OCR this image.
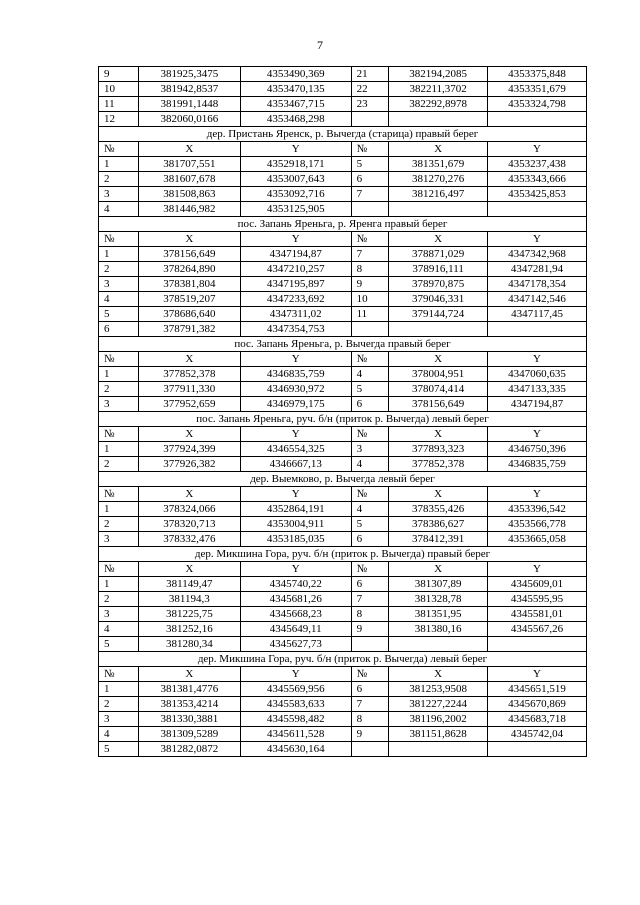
7
9	381925,3475	4353490,369	21	382194,2085	4353375,848
10	381942,8537	4353470,135	22	382211,3702	4353351,679
11	381991,1448	4353467,715	23	382292,8978	4353324,798
12	382060,0166	4353468,298			
дер. Пристань Яренск, р. Вычегда (старица) правый берег					
№	X	Y	№	X	Y
1	381707,551	4352918,171	5	381351,679	4353237,438
2	381607,678	4353007,643	6	381270,276	4353343,666
3	381508,863	4353092,716	7	381216,497	4353425,853
4	381446,982	4353125,905			
пос. Запань Яреньга, р. Яренга правый берег					
№	X	Y	№	X	Y
1	378156,649	4347194,87	7	378871,029	4347342,968
2	378264,890	4347210,257	8	378916,111	4347281,94
3	378381,804	4347195,897	9	378970,875	4347178,354
4	378519,207	4347233,692	10	379046,331	4347142,546
5	378686,640	4347311,02	11	379144,724	4347117,45
6	378791,382	4347354,753			
пос. Запань Яреньга, р. Вычегда правый берег					
№	X	Y	№	X	Y
1	377852,378	4346835,759	4	378004,951	4347060,635
2	377911,330	4346930,972	5	378074,414	4347133,335
3	377952,659	4346979,175	6	378156,649	4347194,87
пос. Запань Яреньга, руч. б/н (приток р. Вычегда) левый берег					
№	X	Y	№	X	Y
1	377924,399	4346554,325	3	377893,323	4346750,396
2	377926,382	4346667,13	4	377852,378	4346835,759
дер. Выемково, р. Вычегда левый берег					
№	X	Y	№	X	Y
1	378324,066	4352864,191	4	378355,426	4353396,542
2	378320,713	4353004,911	5	378386,627	4353566,778
3	378332,476	4353185,035	6	378412,391	4353665,058
дер. Микшина Гора, руч. б/н (приток р. Вычегда) правый берег					
№	X	Y	№	X	Y
1	381149,47	4345740,22	6	381307,89	4345609,01
2	381194,3	4345681,26	7	381328,78	4345595,95
3	381225,75	4345668,23	8	381351,95	4345581,01
4	381252,16	4345649,11	9	381380,16	4345567,26
5	381280,34	4345627,73			
дер. Микшина Гора, руч. б/н (приток р. Вычегда) левый берег					
№	X	Y	№	X	Y
1	381381,4776	4345569,956	6	381253,9508	4345651,519
2	381353,4214	4345583,633	7	381227,2244	4345670,869
3	381330,3881	4345598,482	8	381196,2002	4345683,718
4	381309,5289	4345611,528	9	381151,8628	4345742,04
5	381282,0872	4345630,164			
